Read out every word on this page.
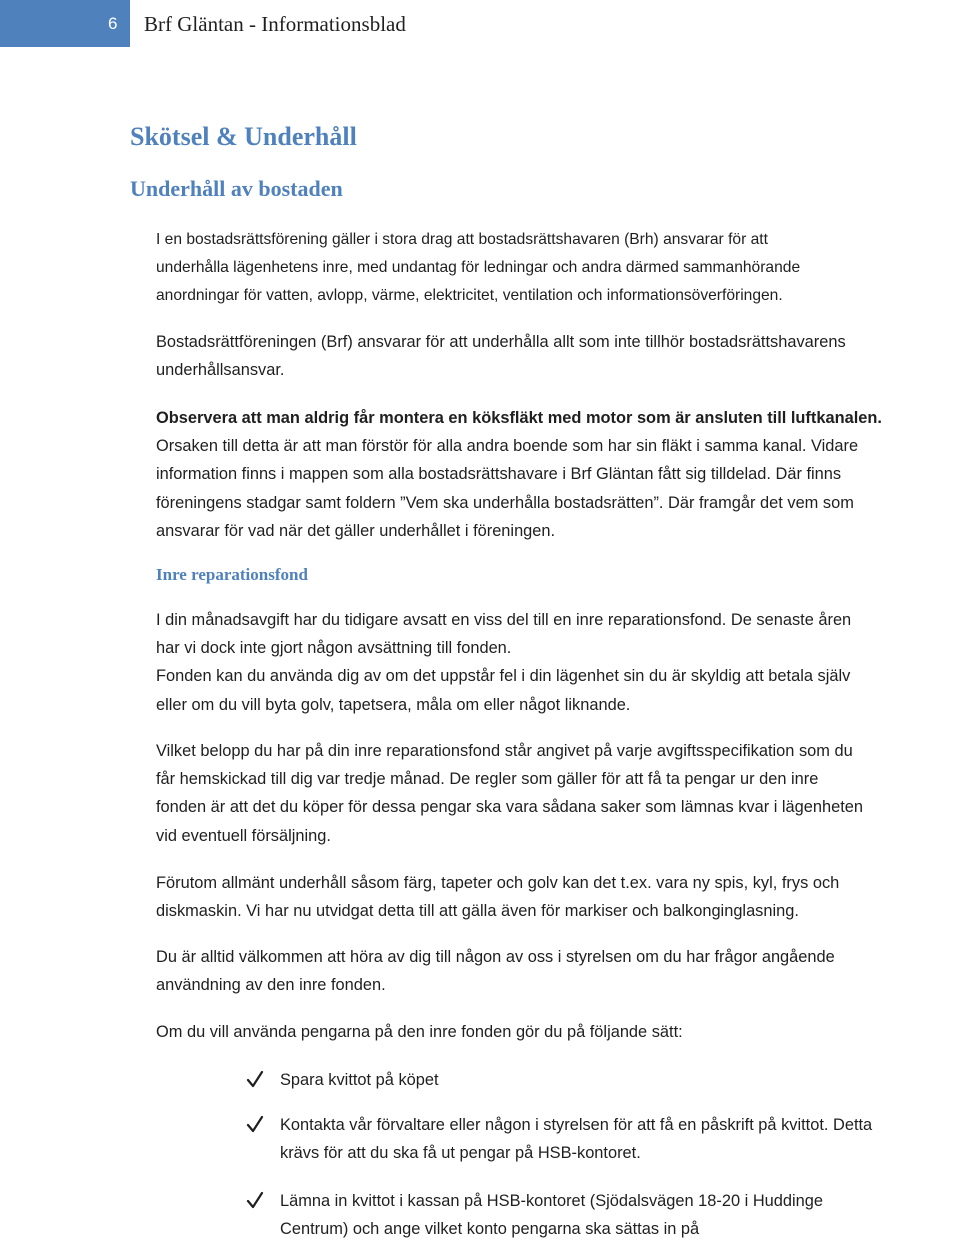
6 Brf Gläntan - Informationsblad
Skötsel & Underhåll
Underhåll av bostaden

I en bostadsrättsförening gäller i stora drag att bostadsrättshavaren (Brh) ansvarar för att
underhålla lägenhetens inre, med undantag för ledningar och andra därmed sammanhörande
anordningar för vatten, avlopp, värme, elektricitet, ventilation och informationsöverföringen.

Bostadsrättföreningen (Brf) ansvarar för att underhålla allt som inte tillhör bostadsrättshavarens
underhållsansvar.

Observera att man aldrig får montera en köksfläkt med motor som är ansluten till luftkanalen.
Orsaken till detta är att man förstör för alla andra boende som har sin fläkt i samma kanal. Vidare
information finns i mappen som alla bostadsrättshavare i Brf Gläntan fått sig tilldelad. Där finns
föreningens stadgar samt foldern ”Vem ska underhålla bostadsrätten”. Där framgår det vem som
ansvarar för vad när det gäller underhållet i föreningen.

Inre reparationsfond

I din månadsavgift har du tidigare avsatt en viss del till en inre reparationsfond. De senaste åren
har vi dock inte gjort någon avsättning till fonden.
Fonden kan du använda dig av om det uppstår fel i din lägenhet sin du är skyldig att betala själv
eller om du vill byta golv, tapetsera, måla om eller något liknande.

Vilket belopp du har på din inre reparationsfond står angivet på varje avgiftsspecifikation som du
får hemskickad till dig var tredje månad. De regler som gäller för att få ta pengar ur den inre
fonden är att det du köper för dessa pengar ska vara sådana saker som lämnas kvar i lägenheten
vid eventuell försäljning.

Förutom allmänt underhåll såsom färg, tapeter och golv kan det t.ex. vara ny spis, kyl, frys och
diskmaskin. Vi har nu utvidgat detta till att gälla även för markiser och balkonginglasning.

Du är alltid välkommen att höra av dig till någon av oss i styrelsen om du har frågor angående
användning av den inre fonden.

Om du vill använda pengarna på den inre fonden gör du på följande sätt:

Spara kvittot på köpet

Kontakta vår förvaltare eller någon i styrelsen för att få en påskrift på kvittot. Detta
krävs för att du ska få ut pengar på HSB-kontoret.

Lämna in kvittot i kassan på HSB-kontoret (Sjödalsvägen 18-20 i Huddinge
Centrum) och ange vilket konto pengarna ska sättas in på
